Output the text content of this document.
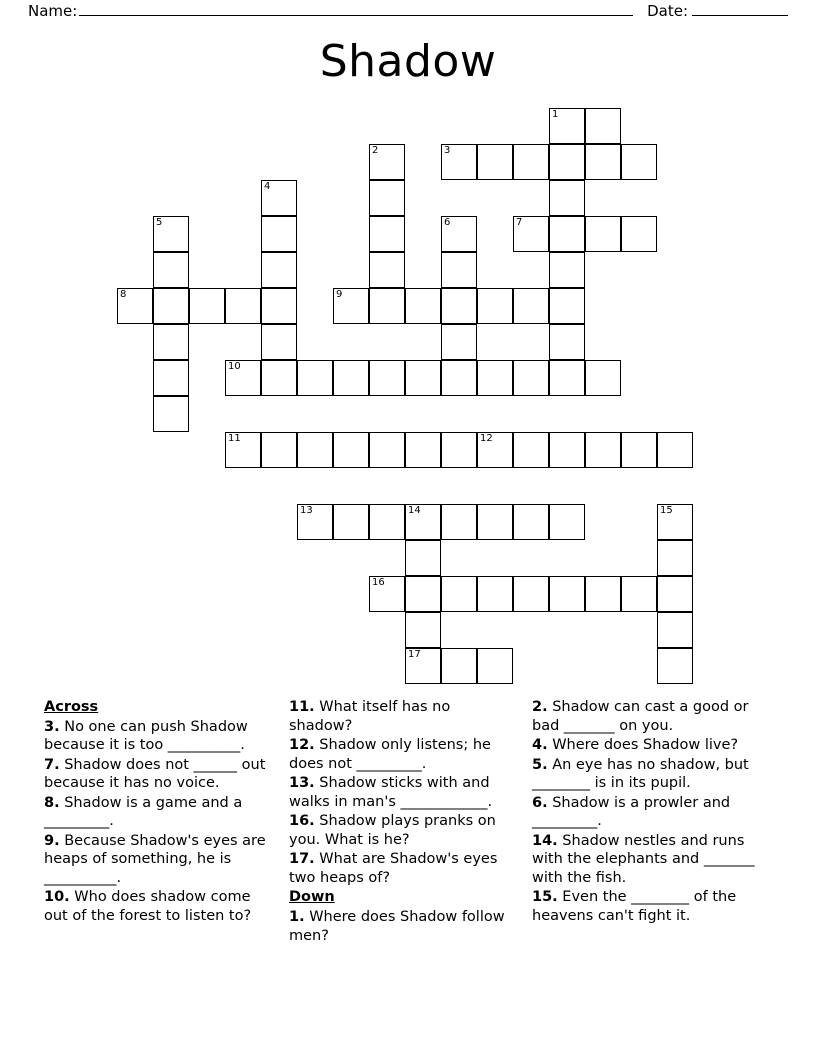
Name:	Date:
Shadow
1
2	3
4
5	6	7
8	9
10
11	12
13	14	15
16
17
Across

3. No one can push Shadow because it is too __________.

7. Shadow does not ______ out because it has no voice.

8. Shadow is a game and a _________.

9. Because Shadow's eyes are heaps of something, he is __________.

10. Who does shadow come out of the forest to listen to?

11. What itself has no shadow?

12. Shadow only listens; he does not _________.

13. Shadow sticks with and walks in man's ____________.

16. Shadow plays pranks on you. What is he?

17. What are Shadow's eyes two heaps of?

Down

1. Where does Shadow follow men?

2. Shadow can cast a good or bad _______ on you.

4. Where does Shadow live?

5. An eye has no shadow, but ________ is in its pupil.

6. Shadow is a prowler and _________.

14. Shadow nestles and runs with the elephants and _______ with the fish.

15. Even the ________ of the heavens can't fight it.
